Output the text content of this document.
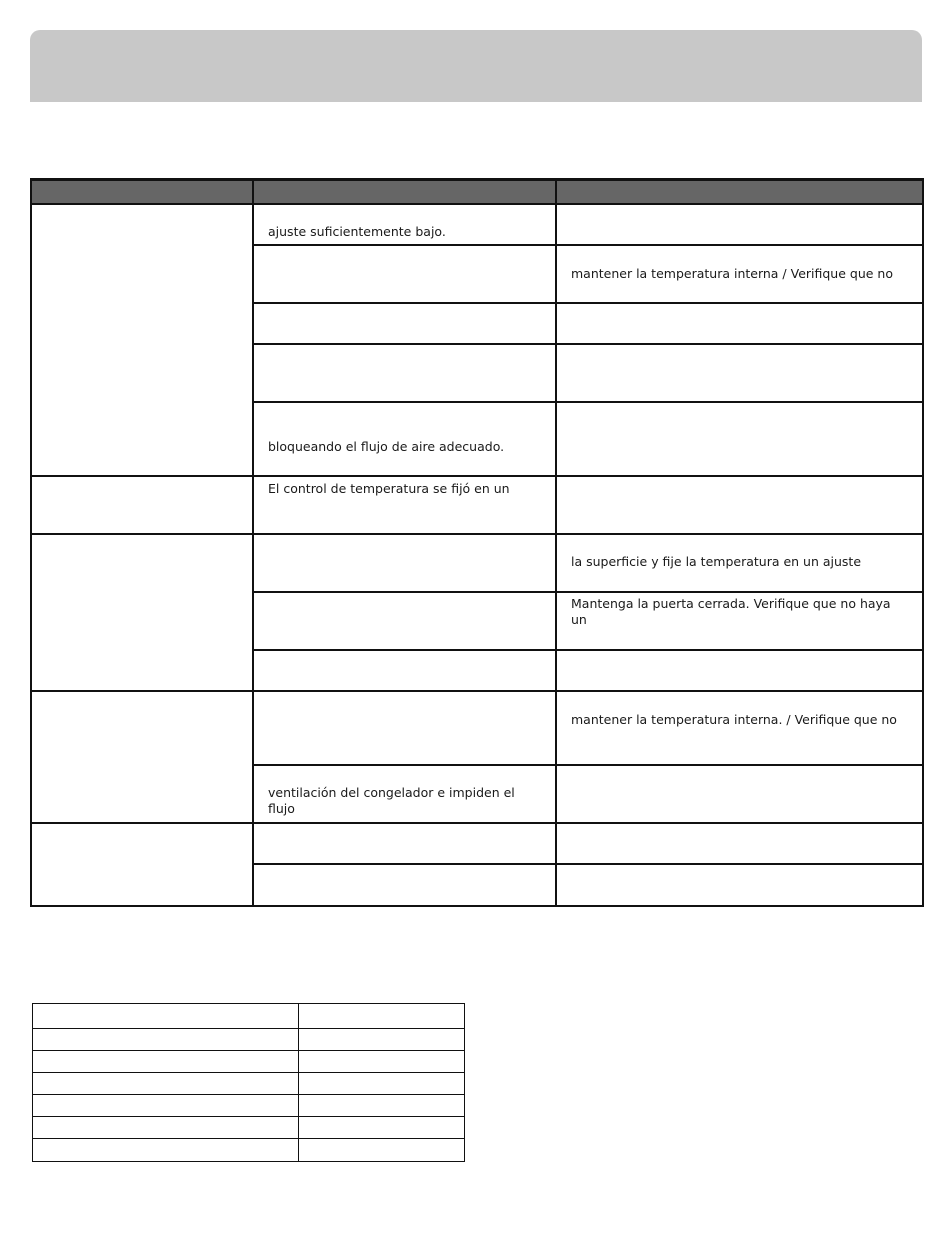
	ajuste suficientemente bajo.	

		mantener la temperatura interna / Verifique que no

	bloqueando el flujo de aire adecuado.	

	El control de temperatura se fijó en un	

		la superficie y fije la temperatura en un ajuste

		Mantenga la puerta cerrada. Verifique que no haya un

		mantener la temperatura interna. / Verifique que no

	ventilación del congelador e impiden el flujo	
